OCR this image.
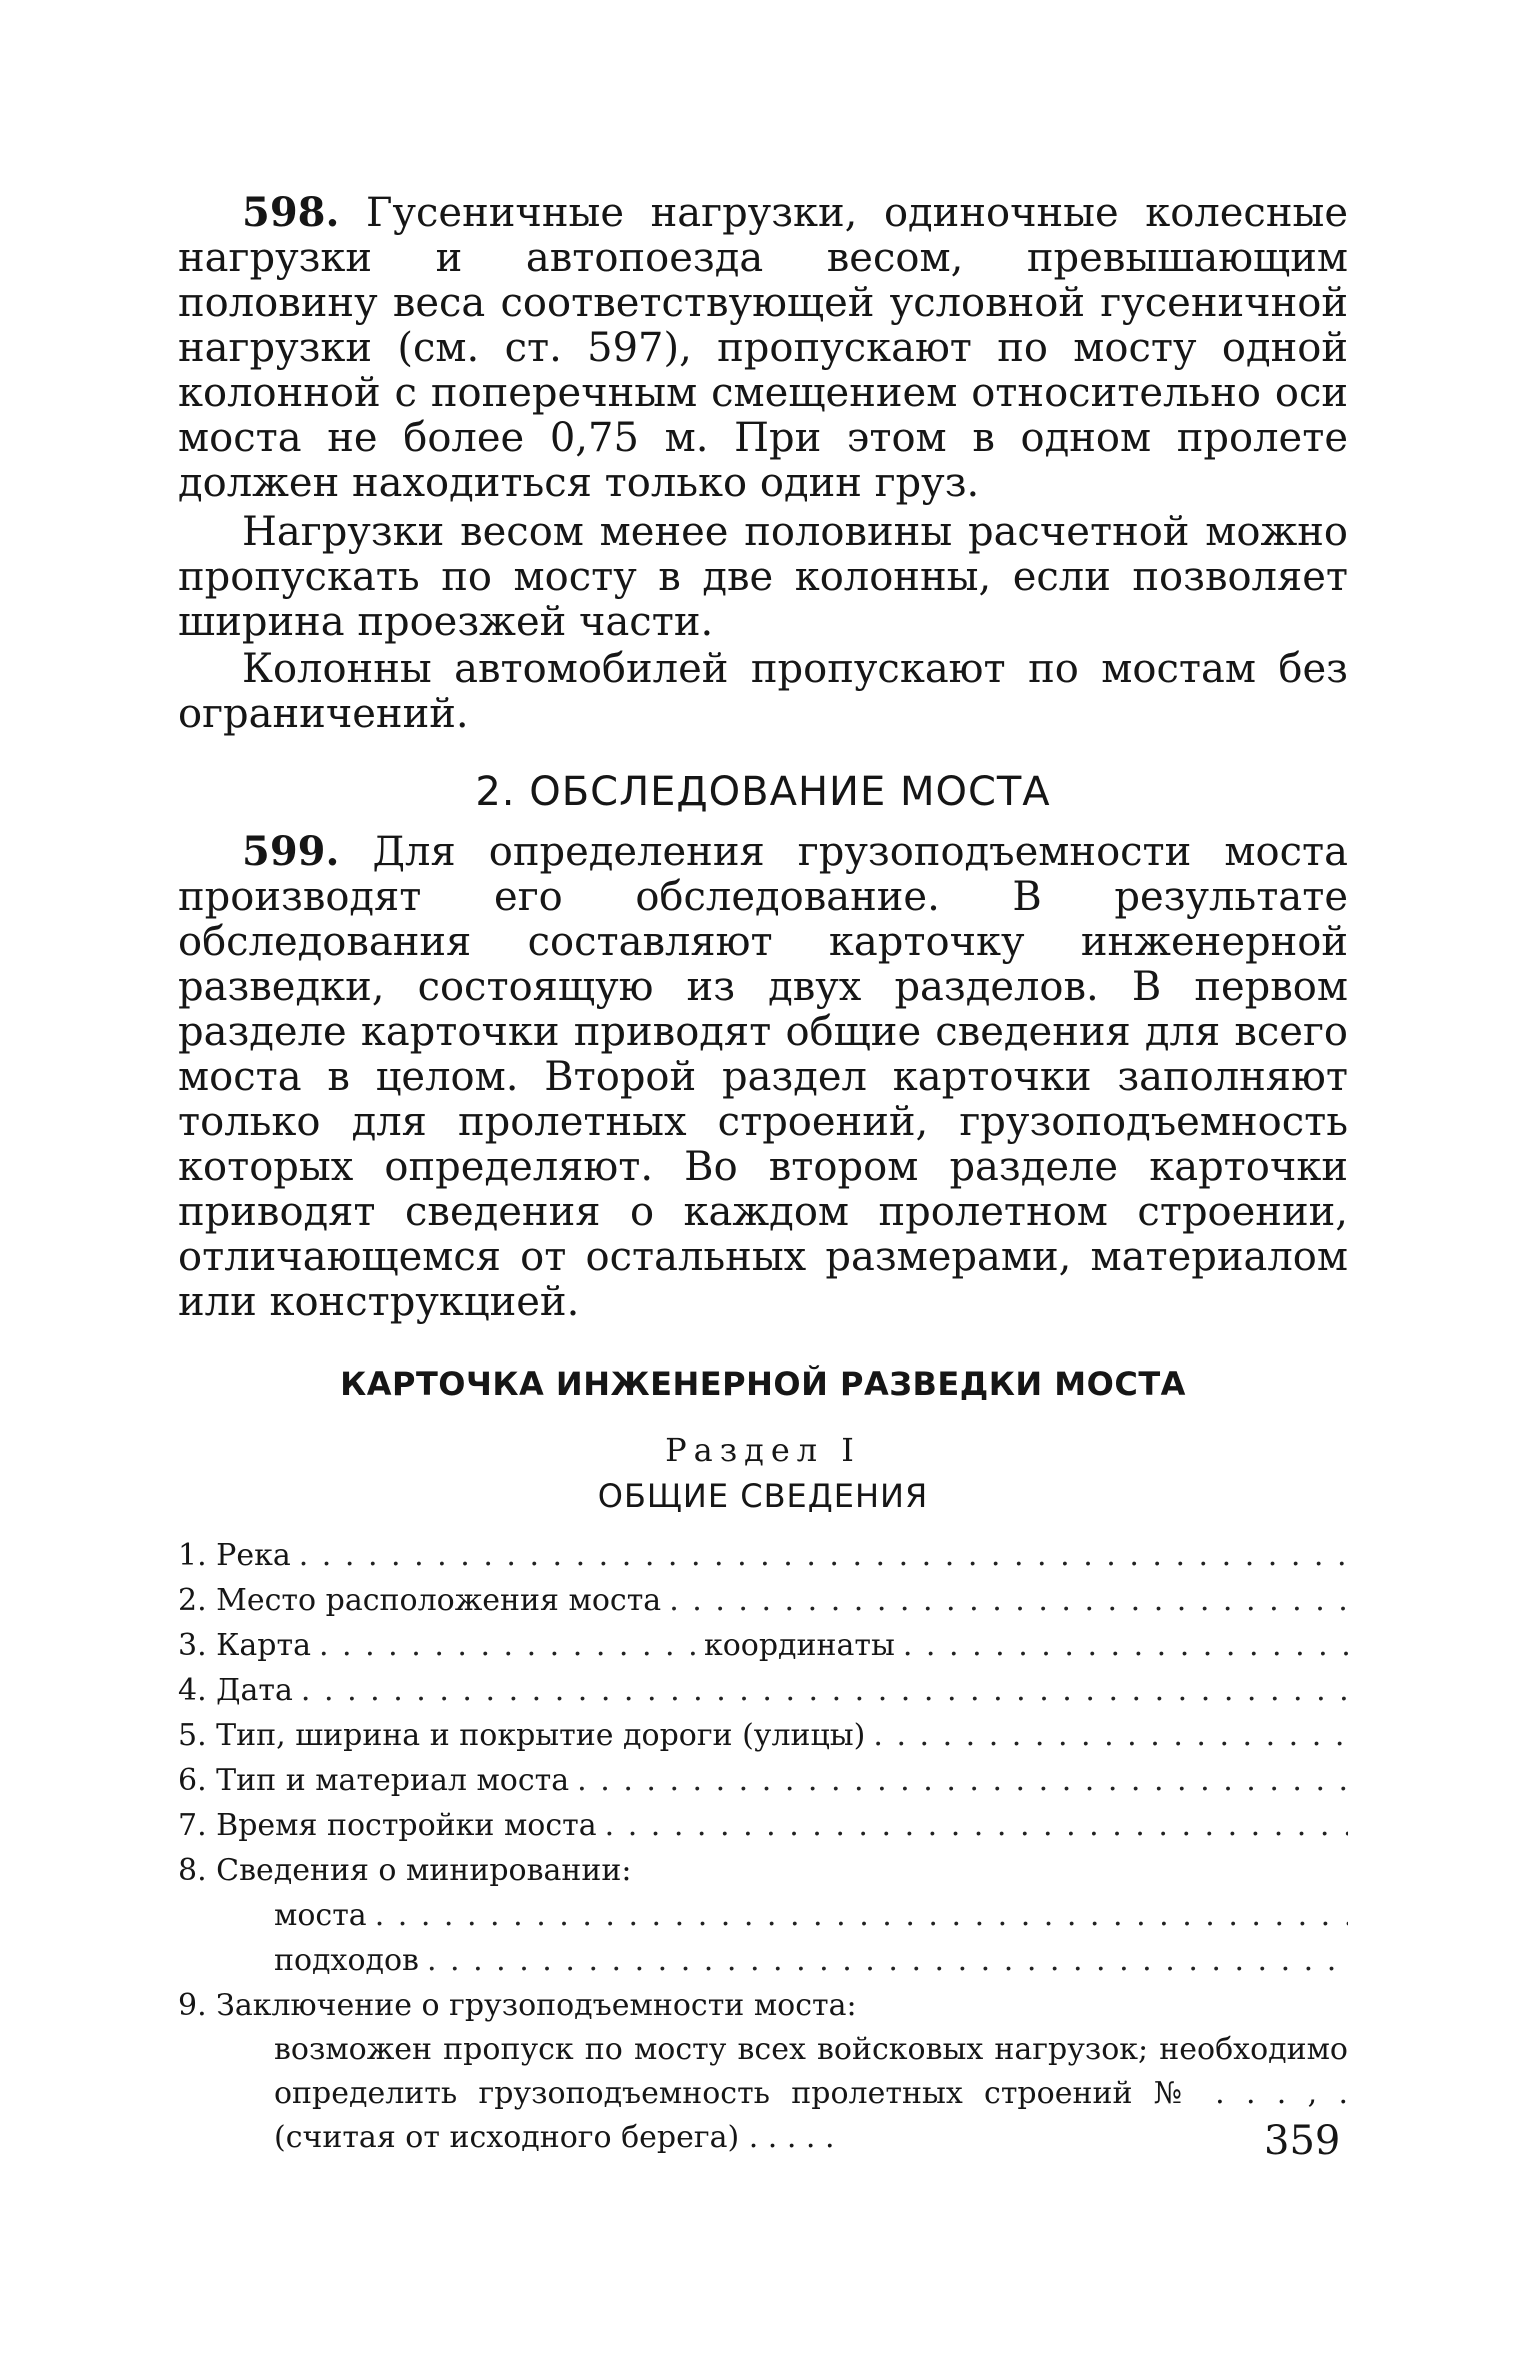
598. Гусеничные нагрузки, одиночные колесные нагрузки и автопоезда весом, превышающим половину веса соответствующей условной гусеничной нагрузки (см. ст. 597), пропускают по мосту одной колонной с поперечным смещением относительно оси моста не более 0,75 м. При этом в одном пролете должен находиться только один груз.

Нагрузки весом менее половины расчетной можно пропускать по мосту в две колонны, если позволяет ширина проезжей части.

Колонны автомобилей пропускают по мостам без ограничений.

2. ОБСЛЕДОВАНИЕ МОСТА

599. Для определения грузоподъемности моста производят его обследование. В результате обследования составляют карточку инженерной разведки, состоящую из двух разделов. В первом разделе карточки приводят общие сведения для всего моста в целом. Второй раздел карточки заполняют только для пролетных строений, грузоподъемность которых определяют. Во втором разделе карточки приводят сведения о каждом пролетном строении, отличающемся от остальных размерами, материалом или конструкцией.

КАРТОЧКА ИНЖЕНЕРНОЙ РАЗВЕДКИ МОСТА
Раздел I
ОБЩИЕ СВЕДЕНИЯ
1. Река
. . .
2. Место расположения моста
. . .
3. Карта
. . .	координаты
. . .
4. Дата
. . .
5. Тип, ширина и покрытие дороги (улицы)
. . .
6. Тип и материал моста
. . .
7. Время постройки моста
. . .
8. Сведения о минировании:
моста
. . .
подходов
. . .
9. Заключение о грузоподъемности моста:
возможен пропуск по мосту всех войсковых нагрузок; необходимо определить грузоподъемность пролетных строений № . . . , . (считая от исходного берега) . . . . .	359
